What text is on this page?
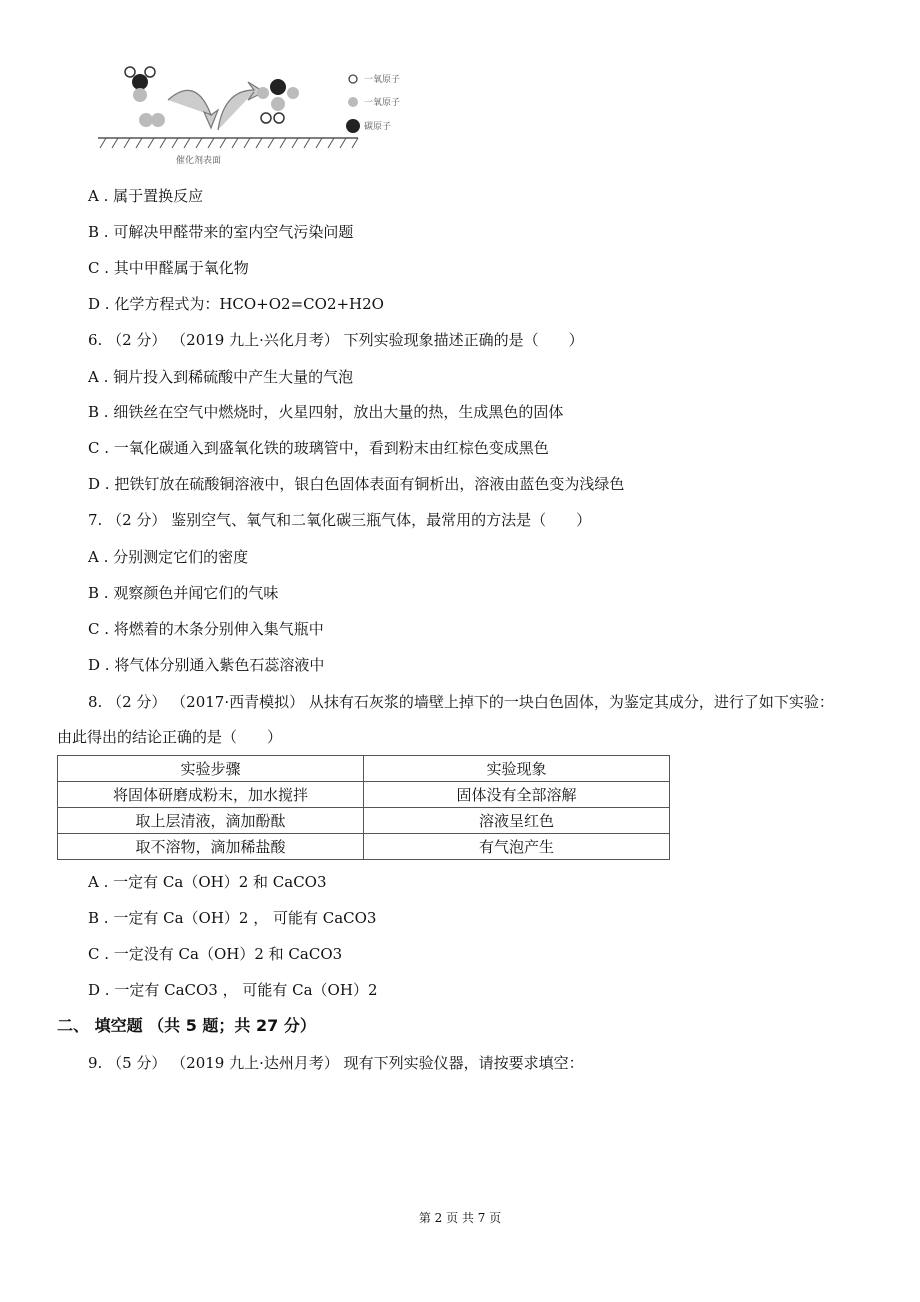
催化剂表面
一氧原子
一氧原子
碳原子
A . 属于置换反应
B . 可解决甲醛带来的室内空气污染问题
C . 其中甲醛属于氧化物
D . 化学方程式为：HCO+O2=CO2+H2O
6. （2 分） （2019 九上·兴化月考） 下列实验现象描述正确的是（　　）
A . 铜片投入到稀硫酸中产生大量的气泡
B . 细铁丝在空气中燃烧时，火星四射，放出大量的热，生成黑色的固体
C . 一氧化碳通入到盛氧化铁的玻璃管中，看到粉末由红棕色变成黑色
D . 把铁钉放在硫酸铜溶液中，银白色固体表面有铜析出，溶液由蓝色变为浅绿色
7. （2 分） 鉴别空气、氧气和二氧化碳三瓶气体，最常用的方法是（　　）
A . 分别测定它们的密度
B . 观察颜色并闻它们的气味
C . 将燃着的木条分别伸入集气瓶中
D . 将气体分别通入紫色石蕊溶液中
8. （2 分） （2017·西青模拟） 从抹有石灰浆的墙壁上掉下的一块白色固体，为鉴定其成分，进行了如下实验：
由此得出的结论正确的是（　　）
实验步骤	实验现象
将固体研磨成粉末，加水搅拌	固体没有全部溶解
取上层清液，滴加酚酞	溶液呈红色
取不溶物，滴加稀盐酸	有气泡产生
A . 一定有 Ca（OH）2 和 CaCO3
B . 一定有 Ca（OH）2 ， 可能有 CaCO3
C . 一定没有 Ca（OH）2 和 CaCO3
D . 一定有 CaCO3 ， 可能有 Ca（OH）2
二、 填空题 （共 5 题；共 27 分）
9. （5 分） （2019 九上·达州月考） 现有下列实验仪器，请按要求填空：
第 2 页 共 7 页
